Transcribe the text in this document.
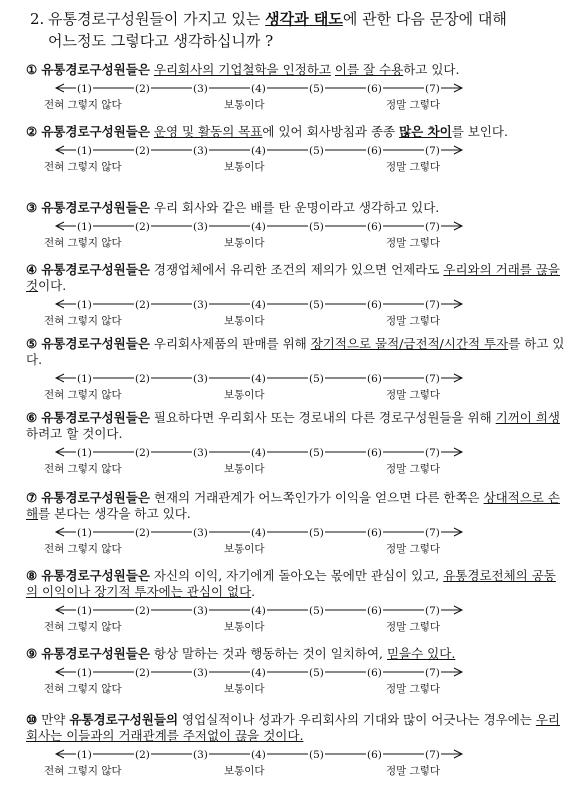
2. 유통경로구성원들이 가지고 있는 생각과 태도에 관한 다음 문장에 대해
어느정도 그렇다고 생각하십니까 ?
① 유통경로구성원들은 우리회사의 기업철학을 인정하고 이를 잘 수용하고 있다.
(1)	(2)	(3)	(4)	(5)	(6)	(7)
전혀 그렇지 않다	보통이다	정말 그렇다
② 유통경로구성원들은 운영 및 활동의 목표에 있어 회사방침과 종종 많은 차이를 보인다.
(1)	(2)	(3)	(4)	(5)	(6)	(7)
전혀 그렇지 않다	보통이다	정말 그렇다
③ 유통경로구성원들은 우리 회사와 같은 배를 탄 운명이라고 생각하고 있다.
(1)	(2)	(3)	(4)	(5)	(6)	(7)
전혀 그렇지 않다	보통이다	정말 그렇다
④ 유통경로구성원들은 경쟁업체에서 유리한 조건의 제의가 있으면 언제라도 우리와의 거래를 끊을 것이다.
(1)	(2)	(3)	(4)	(5)	(6)	(7)
전혀 그렇지 않다	보통이다	정말 그렇다
⑤ 유통경로구성원들은 우리회사제품의 판매를 위해 장기적으로 물적/금전적/시간적 투자를 하고 있다.
(1)	(2)	(3)	(4)	(5)	(6)	(7)
전혀 그렇지 않다	보통이다	정말 그렇다
⑥ 유통경로구성원들은 필요하다면 우리회사 또는 경로내의 다른 경로구성원들을 위해 기꺼이 희생하려고 할 것이다.
(1)	(2)	(3)	(4)	(5)	(6)	(7)
전혀 그렇지 않다	보통이다	정말 그렇다
⑦ 유통경로구성원들은 현재의 거래관계가 어느쪽인가가 이익을 얻으면 다른 한쪽은 상대적으로 손해를 본다는 생각을 하고 있다.
(1)	(2)	(3)	(4)	(5)	(6)	(7)
전혀 그렇지 않다	보통이다	정말 그렇다
⑧ 유통경로구성원들은 자신의 이익, 자기에게 돌아오는 몫에만 관심이 있고, 유통경로전체의 공동의 이익이나 장기적 투자에는 관심이 없다.
(1)	(2)	(3)	(4)	(5)	(6)	(7)
전혀 그렇지 않다	보통이다	정말 그렇다
⑨ 유통경로구성원들은 항상 말하는 것과 행동하는 것이 일치하여, 믿을수 있다.
(1)	(2)	(3)	(4)	(5)	(6)	(7)
전혀 그렇지 않다	보통이다	정말 그렇다
⑩ 만약 유통경로구성원들의 영업실적이나 성과가 우리회사의 기대와 많이 어긋나는 경우에는 우리회사는 이들과의 거래관계를 주저없이 끊을 것이다.
(1)	(2)	(3)	(4)	(5)	(6)	(7)
전혀 그렇지 않다	보통이다	정말 그렇다
